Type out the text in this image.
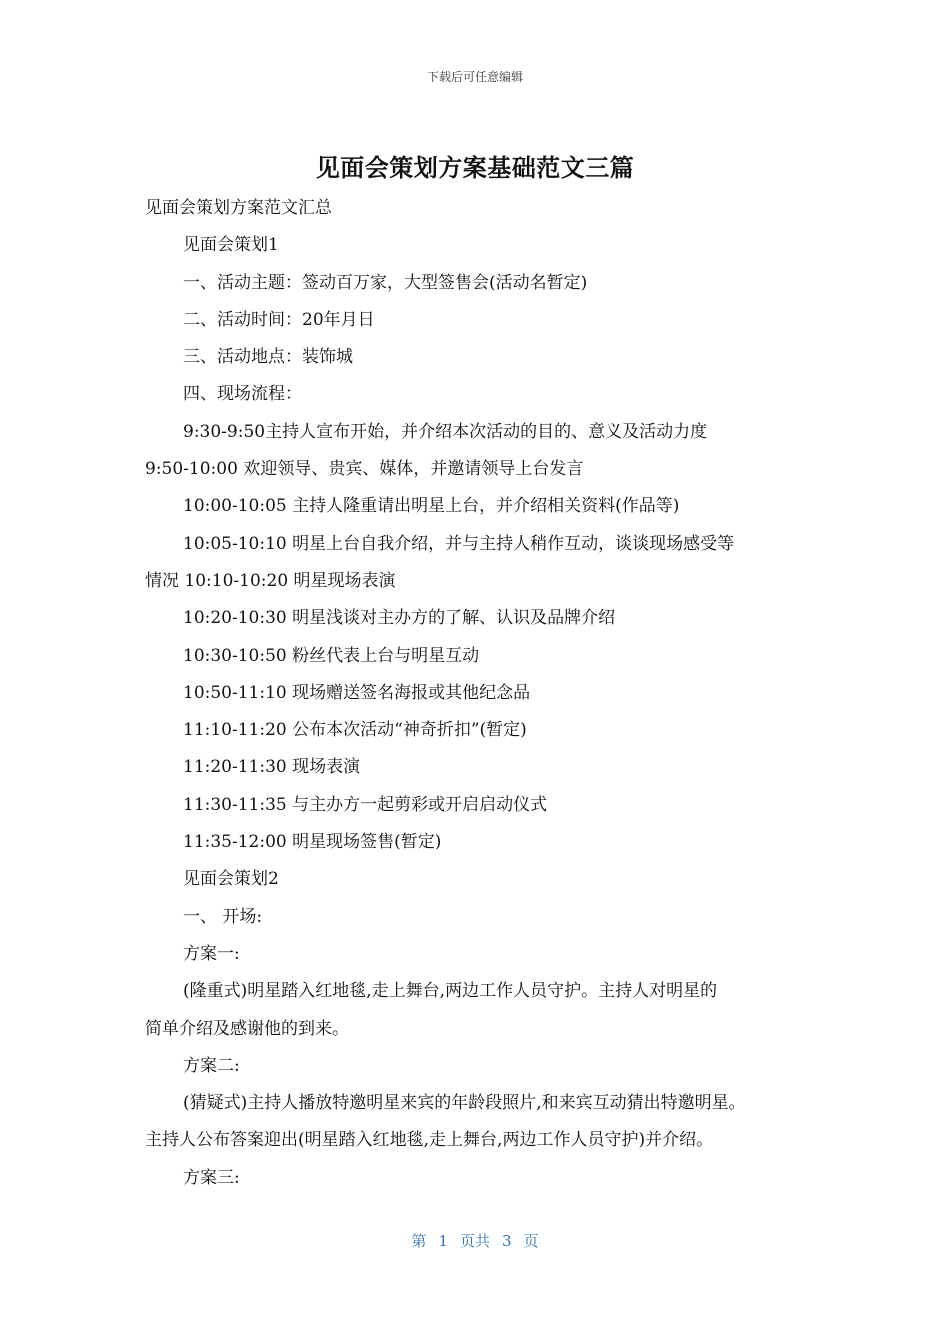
下载后可任意编辑
见面会策划方案基础范文三篇
见面会策划方案范文汇总
见面会策划1
一、活动主题：签动百万家，大型签售会(活动名暂定)
二、活动时间：20年月日
三、活动地点：装饰城
四、现场流程：
9:30-9:50主持人宣布开始，并介绍本次活动的目的、意义及活动力度
9:50-10:00 欢迎领导、贵宾、媒体，并邀请领导上台发言
10:00-10:05 主持人隆重请出明星上台，并介绍相关资料(作品等)
10:05-10:10 明星上台自我介绍，并与主持人稍作互动，谈谈现场感受等
情况 10:10-10:20 明星现场表演
10:20-10:30 明星浅谈对主办方的了解、认识及品牌介绍
10:30-10:50 粉丝代表上台与明星互动
10:50-11:10 现场赠送签名海报或其他纪念品
11:10-11:20 公布本次活动“神奇折扣”(暂定)
11:20-11:30 现场表演
11:30-11:35 与主办方一起剪彩或开启启动仪式
11:35-12:00 明星现场签售(暂定)
见面会策划2
一、 开场:
方案一:
(隆重式)明星踏入红地毯,走上舞台,两边工作人员守护。主持人对明星的
简单介绍及感谢他的到来。
方案二:
(猜疑式)主持人播放特邀明星来宾的年龄段照片,和来宾互动猜出特邀明星。
主持人公布答案迎出(明星踏入红地毯,走上舞台,两边工作人员守护)并介绍。
方案三:
第 1 页共 3 页
